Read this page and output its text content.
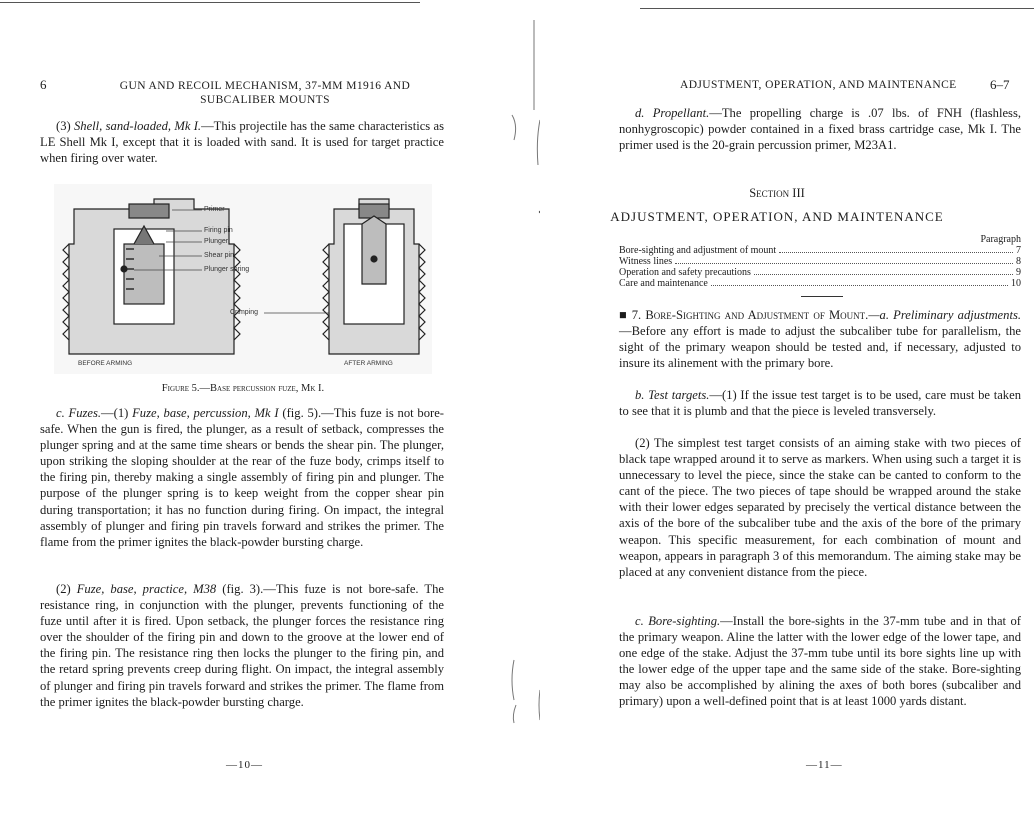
6	GUN AND RECOIL MECHANISM, 37-MM M1916 AND
SUBCALIBER MOUNTS

(3) Shell, sand-loaded, Mk I.—This projectile has the same characteristics as LE Shell Mk I, except that it is loaded with sand. It is used for target practice when firing over water.

Primer
Firing pin
Plunger
Shear pin
Plunger spring
Crimping
BEFORE ARMING	AFTER ARMING
Figure 5.—Base percussion fuze, Mk I.

c. Fuzes.—(1) Fuze, base, percussion, Mk I (fig. 5).—This fuze is not bore-safe. When the gun is fired, the plunger, as a result of setback, compresses the plunger spring and at the same time shears or bends the shear pin. The plunger, upon striking the sloping shoulder at the rear of the fuze body, crimps itself to the firing pin, thereby making a single assembly of firing pin and plunger. The purpose of the plunger spring is to keep weight from the copper shear pin during transportation; it has no function during firing. On impact, the integral assembly of plunger and firing pin travels forward and strikes the primer. The flame from the primer ignites the black-powder bursting charge.

(2) Fuze, base, practice, M38 (fig. 3).—This fuze is not bore-safe. The resistance ring, in conjunction with the plunger, prevents functioning of the fuze until after it is fired. Upon setback, the plunger forces the resistance ring over the shoulder of the firing pin and down to the groove at the lower end of the firing pin. The resistance ring then locks the plunger to the firing pin, and the retard spring prevents creep during flight. On impact, the integral assembly of plunger and firing pin travels forward and strikes the primer. The flame from the primer ignites the black-powder bursting charge.

—10—
ADJUSTMENT, OPERATION, AND MAINTENANCE	6–7

d. Propellant.—The propelling charge is .07 lbs. of FNH (flashless, nonhygroscopic) powder contained in a fixed brass cartridge case, Mk I. The primer used is the 20-grain percussion primer, M23A1.

Section III
ADJUSTMENT, OPERATION, AND MAINTENANCE
Paragraph
Bore-sighting and adjustment of mount	7
Witness lines	8
Operation and safety precautions	9
Care and maintenance	10

■ 7. Bore-Sighting and Adjustment of Mount.—a. Preliminary adjustments.—Before any effort is made to adjust the subcaliber tube for parallelism, the sight of the primary weapon should be tested and, if necessary, adjusted to insure its alinement with the primary bore.

b. Test targets.—(1) If the issue test target is to be used, care must be taken to see that it is plumb and that the piece is leveled transversely.

(2) The simplest test target consists of an aiming stake with two pieces of black tape wrapped around it to serve as markers. When using such a target it is unnecessary to level the piece, since the stake can be canted to conform to the cant of the piece. The two pieces of tape should be wrapped around the stake with their lower edges separated by precisely the vertical distance between the axis of the bore of the subcaliber tube and the axis of the bore of the primary weapon. This specific measurement, for each combination of mount and weapon, appears in paragraph 3 of this memorandum. The aiming stake may be placed at any convenient distance from the piece.

c. Bore-sighting.—Install the bore-sights in the 37-mm tube and in that of the primary weapon. Aline the latter with the lower edge of the lower tape, and one edge of the stake. Adjust the 37-mm tube until its bore sights line up with the lower edge of the upper tape and the same side of the stake. Bore-sighting may also be accomplished by alining the axes of both bores (subcaliber and primary) upon a well-defined point that is at least 1000 yards distant.

—11—
